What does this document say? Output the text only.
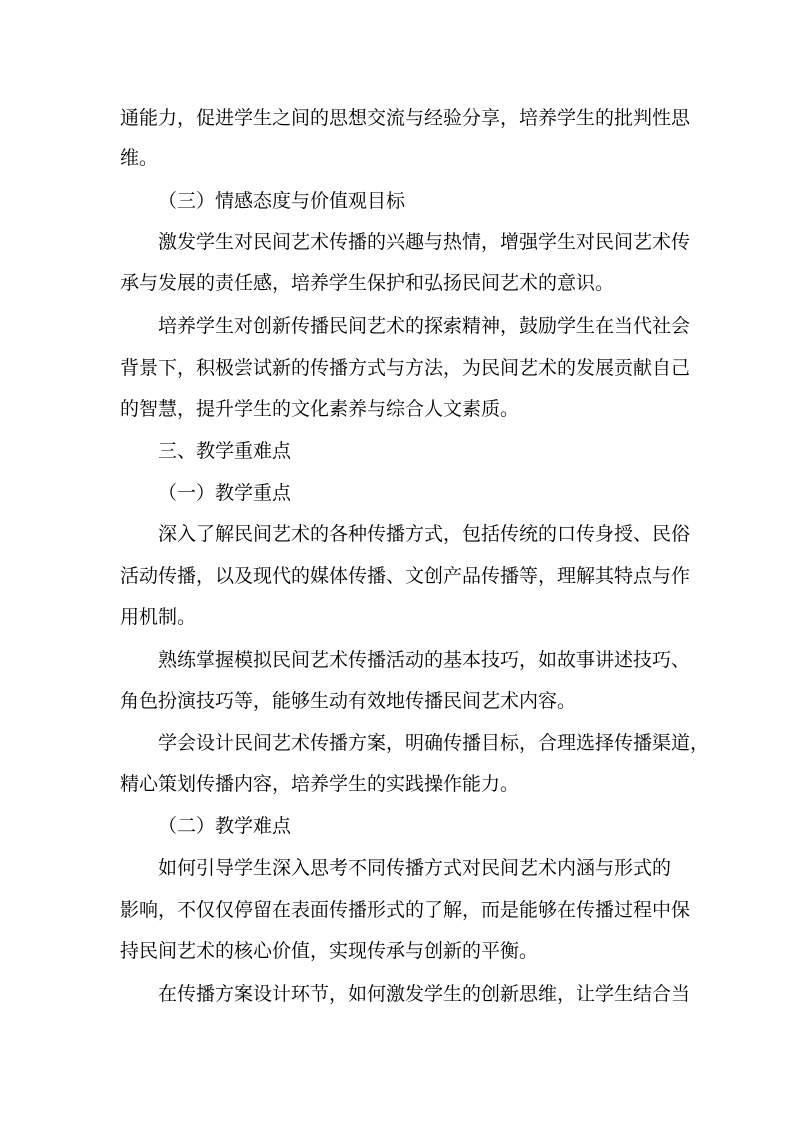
通能力，促进学生之间的思想交流与经验分享，培养学生的批判性思
维。
（三）情感态度与价值观目标
激发学生对民间艺术传播的兴趣与热情，增强学生对民间艺术传
承与发展的责任感，培养学生保护和弘扬民间艺术的意识。
培养学生对创新传播民间艺术的探索精神，鼓励学生在当代社会
背景下，积极尝试新的传播方式与方法，为民间艺术的发展贡献自己
的智慧，提升学生的文化素养与综合人文素质。
三、教学重难点
（一）教学重点
深入了解民间艺术的各种传播方式，包括传统的口传身授、民俗
活动传播，以及现代的媒体传播、文创产品传播等，理解其特点与作
用机制。
熟练掌握模拟民间艺术传播活动的基本技巧，如故事讲述技巧、
角色扮演技巧等，能够生动有效地传播民间艺术内容。
学会设计民间艺术传播方案，明确传播目标，合理选择传播渠道，
精心策划传播内容，培养学生的实践操作能力。
（二）教学难点
如何引导学生深入思考不同传播方式对民间艺术内涵与形式的
影响，不仅仅停留在表面传播形式的了解，而是能够在传播过程中保
持民间艺术的核心价值，实现传承与创新的平衡。
在传播方案设计环节，如何激发学生的创新思维，让学生结合当
